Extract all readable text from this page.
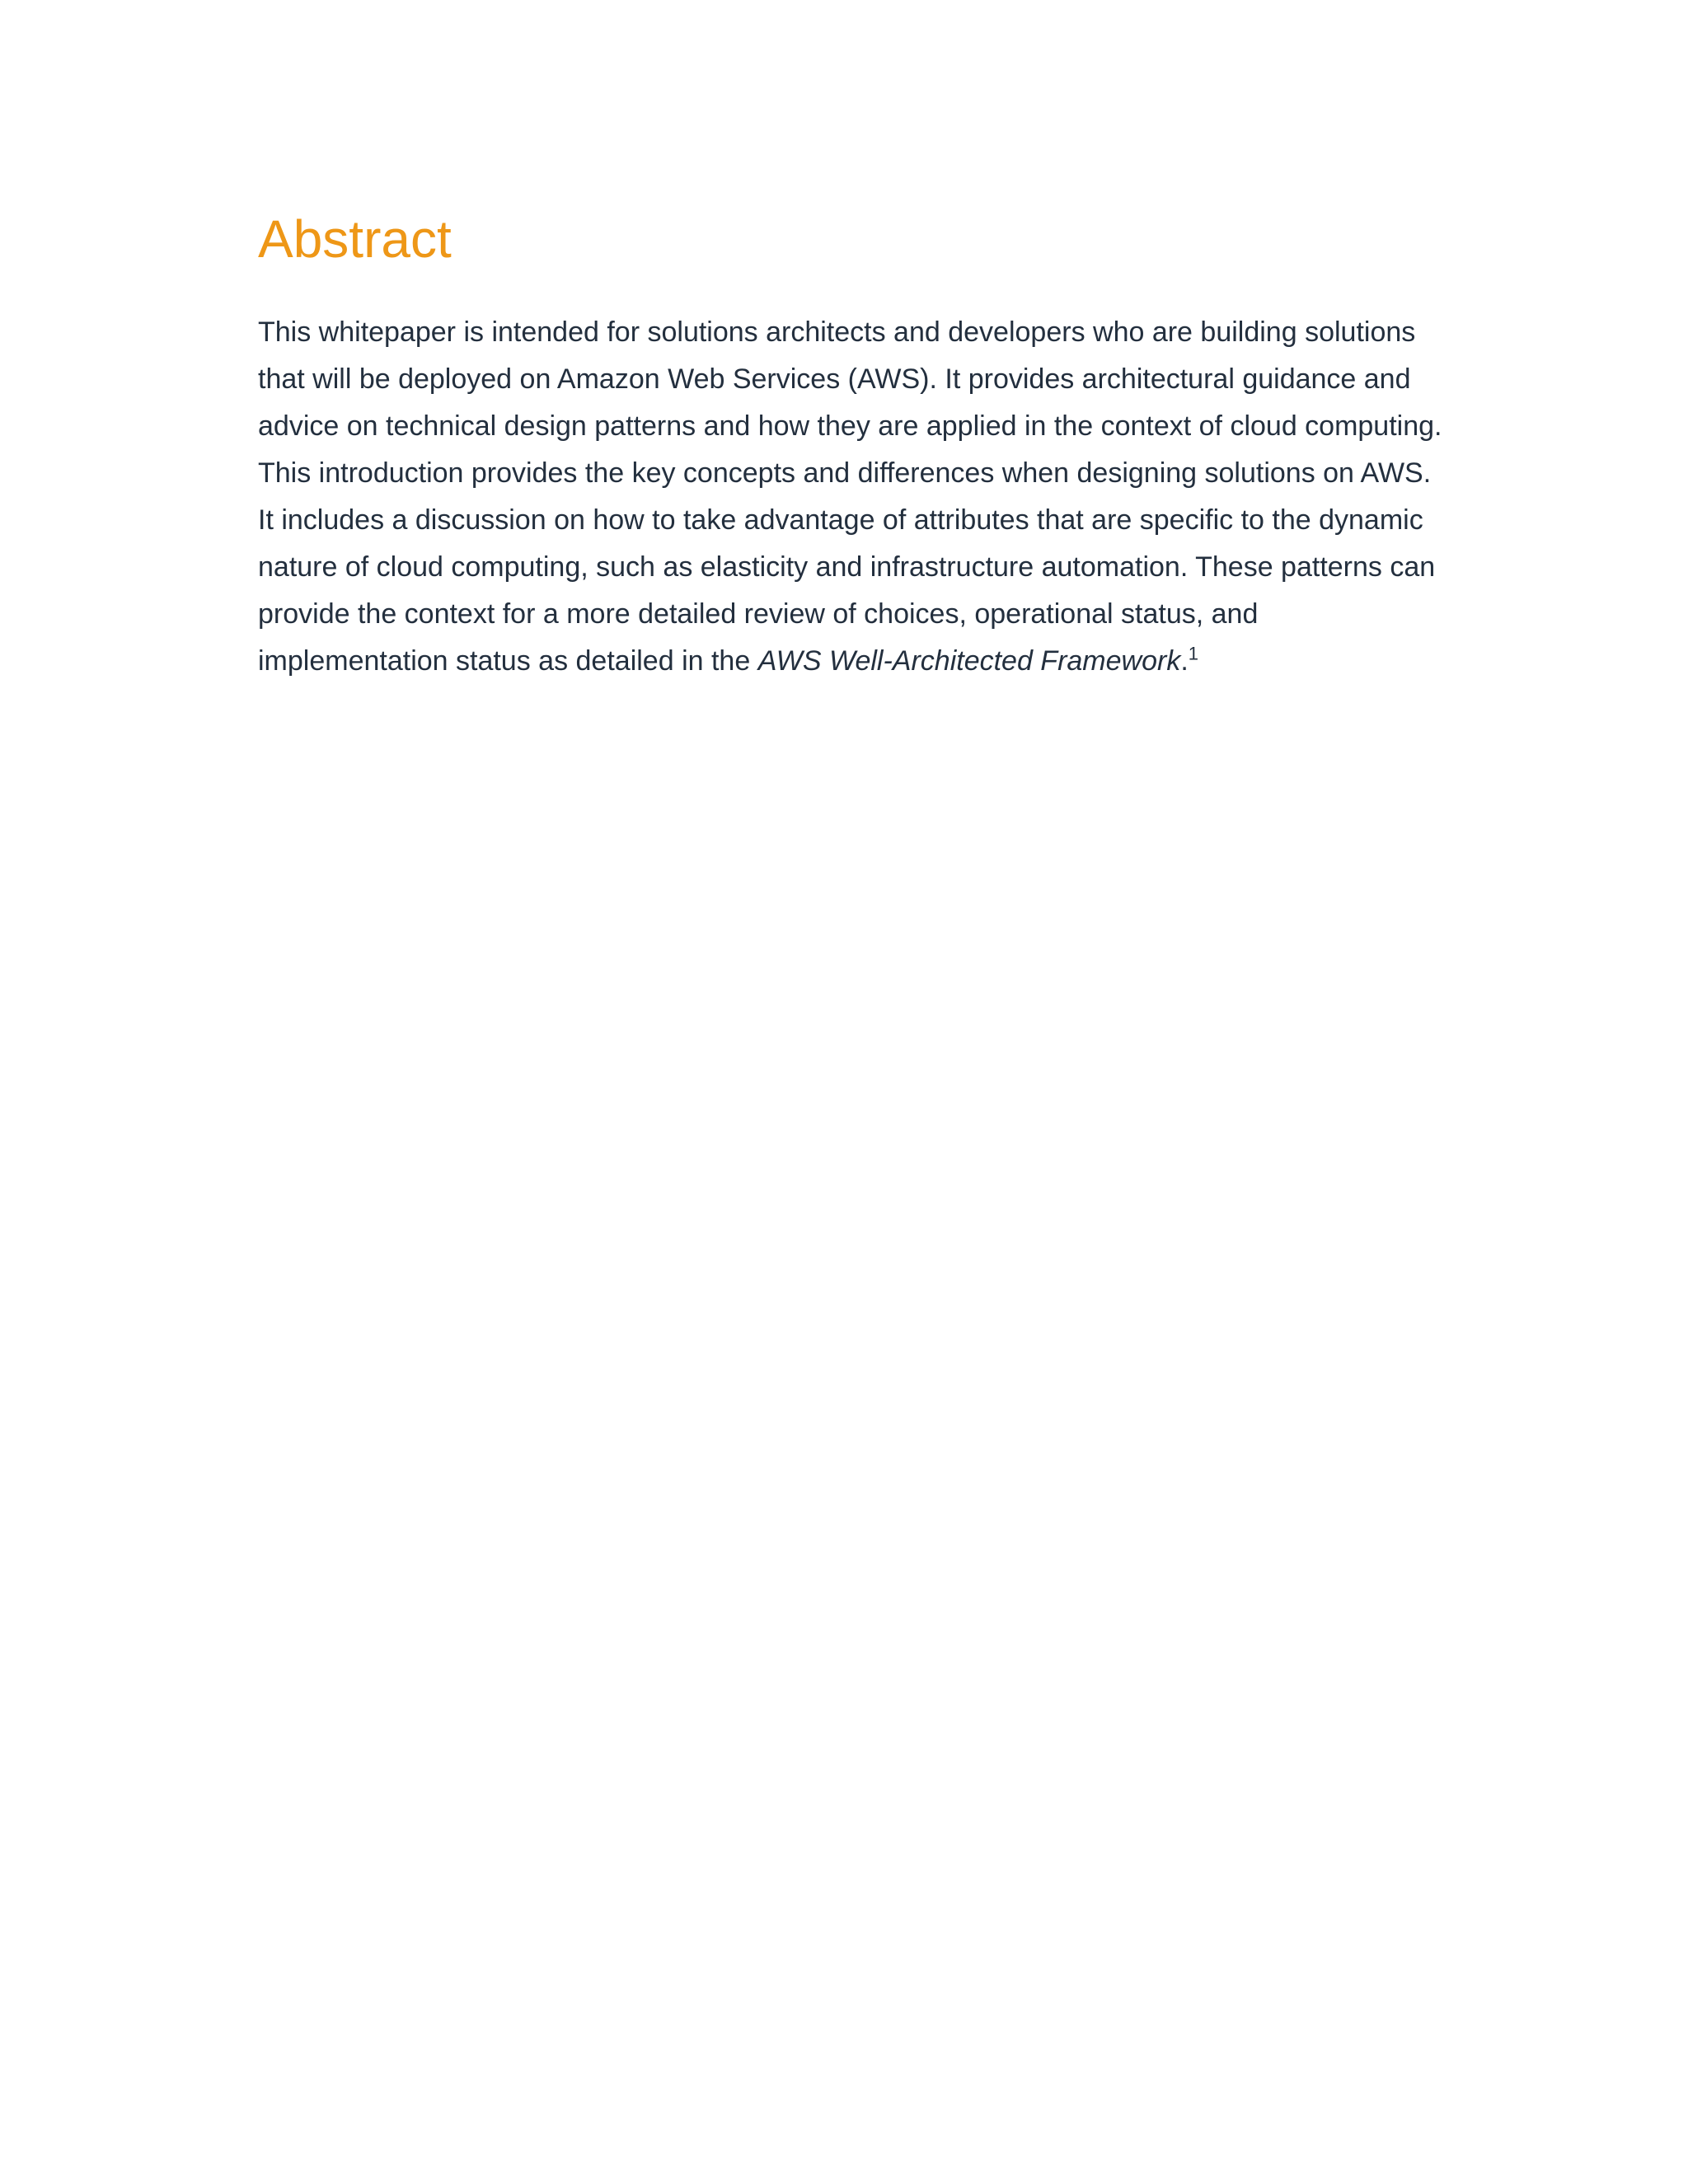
Abstract

This whitepaper is intended for solutions architects and developers who are building solutions that will be deployed on Amazon Web Services (AWS). It provides architectural guidance and advice on technical design patterns and how they are applied in the context of cloud computing. This introduction provides the key concepts and differences when designing solutions on AWS. It includes a discussion on how to take advantage of attributes that are specific to the dynamic nature of cloud computing, such as elasticity and infrastructure automation. These patterns can provide the context for a more detailed review of choices, operational status, and implementation status as detailed in the AWS Well-Architected Framework.$^1$
